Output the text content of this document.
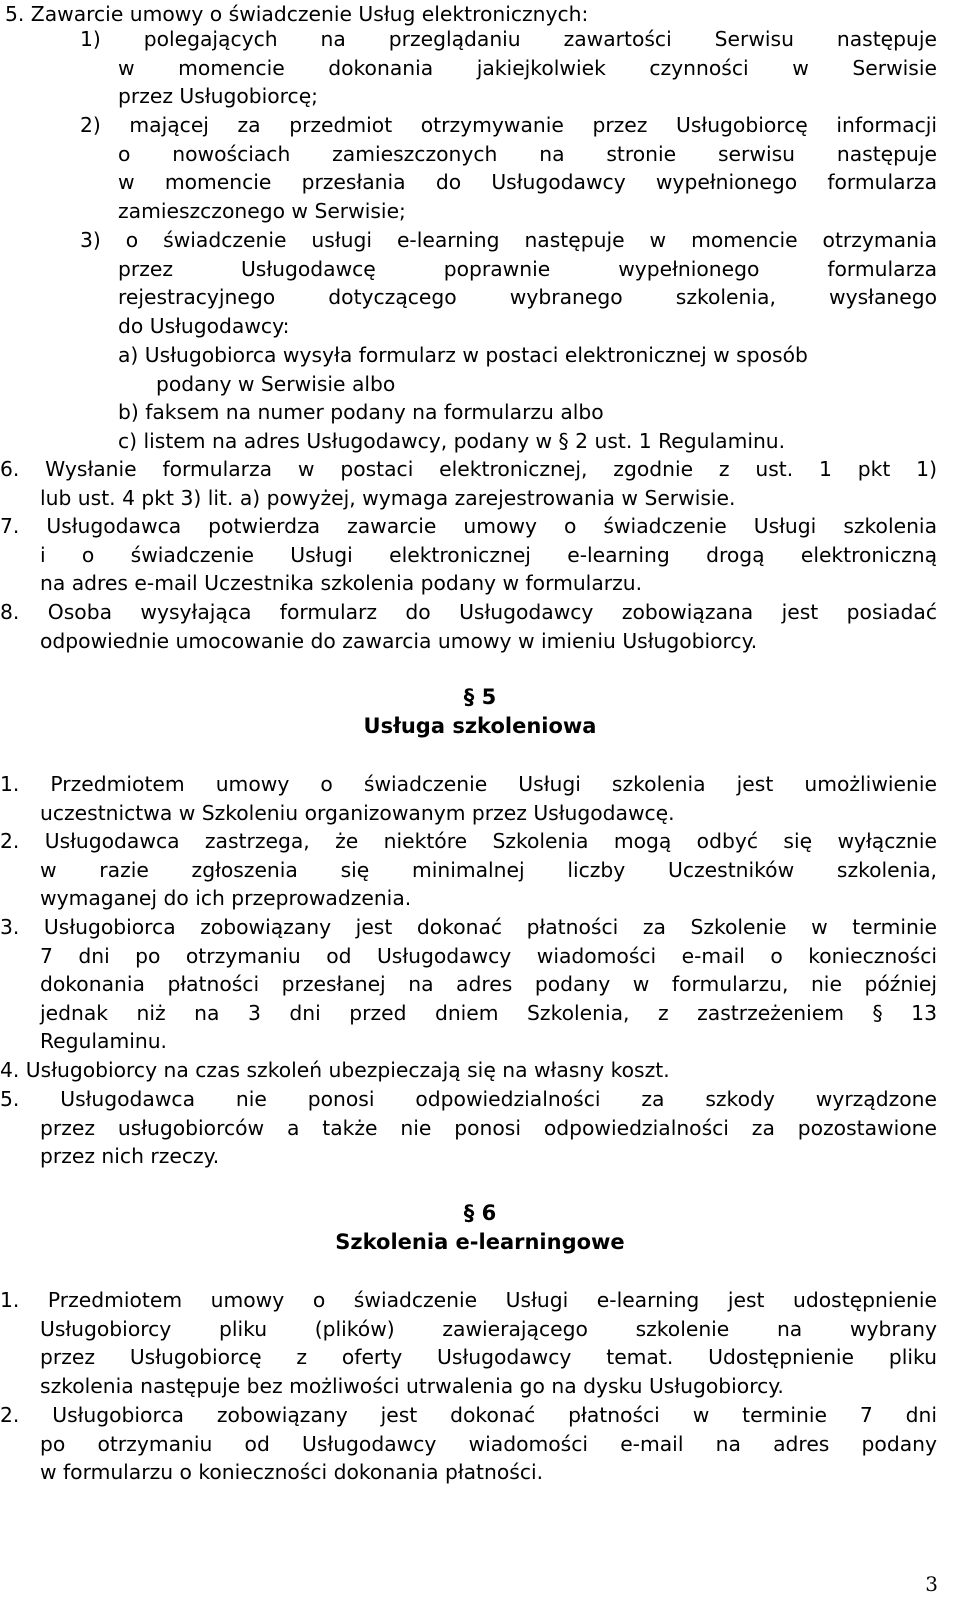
5. Zawarcie umowy o świadczenie Usług elektronicznych:
1) polegających na przeglądaniu zawartości Serwisu następuje
w momencie dokonania jakiejkolwiek czynności w Serwisie
przez Usługobiorcę;
2) mającej za przedmiot otrzymywanie przez Usługobiorcę informacji
o nowościach zamieszczonych na stronie serwisu następuje
w momencie przesłania do Usługodawcy wypełnionego formularza
zamieszczonego w Serwisie;
3) o świadczenie usługi e-learning następuje w momencie otrzymania
przez Usługodawcę poprawnie wypełnionego formularza
rejestracyjnego dotyczącego wybranego szkolenia, wysłanego
do Usługodawcy:
a) Usługobiorca wysyła formularz w postaci elektronicznej w sposób
podany w Serwisie albo
b) faksem na numer podany na formularzu albo
c) listem na adres Usługodawcy, podany w § 2 ust. 1 Regulaminu.
6. Wysłanie formularza w postaci elektronicznej, zgodnie z ust. 1 pkt 1)
lub ust. 4 pkt 3) lit. a) powyżej, wymaga zarejestrowania w Serwisie.
7. Usługodawca potwierdza zawarcie umowy o świadczenie Usługi szkolenia
i o świadczenie Usługi elektronicznej e-learning drogą elektroniczną
na adres e-mail Uczestnika szkolenia podany w formularzu.
8. Osoba wysyłająca formularz do Usługodawcy zobowiązana jest posiadać
odpowiednie umocowanie do zawarcia umowy w imieniu Usługobiorcy.
§ 5
Usługa szkoleniowa
1. Przedmiotem umowy o świadczenie Usługi szkolenia jest umożliwienie
uczestnictwa w Szkoleniu organizowanym przez Usługodawcę.
2. Usługodawca zastrzega, że niektóre Szkolenia mogą odbyć się wyłącznie
w razie zgłoszenia się minimalnej liczby Uczestników szkolenia,
wymaganej do ich przeprowadzenia.
3. Usługobiorca zobowiązany jest dokonać płatności za Szkolenie w terminie
7 dni po otrzymaniu od Usługodawcy wiadomości e-mail o konieczności
dokonania płatności przesłanej na adres podany w formularzu, nie później
jednak niż na 3 dni przed dniem Szkolenia, z zastrzeżeniem § 13
Regulaminu.
4. Usługobiorcy na czas szkoleń ubezpieczają się na własny koszt.
5. Usługodawca nie ponosi odpowiedzialności za szkody wyrządzone
przez usługobiorców a także nie ponosi odpowiedzialności za pozostawione
przez nich rzeczy.
§ 6
Szkolenia e-learningowe
1. Przedmiotem umowy o świadczenie Usługi e-learning jest udostępnienie
Usługobiorcy pliku (plików) zawierającego szkolenie na wybrany
przez Usługobiorcę z oferty Usługodawcy temat. Udostępnienie pliku
szkolenia następuje bez możliwości utrwalenia go na dysku Usługobiorcy.
2. Usługobiorca zobowiązany jest dokonać płatności w terminie 7 dni
po otrzymaniu od Usługodawcy wiadomości e-mail na adres podany
w formularzu o konieczności dokonania płatności.
3
